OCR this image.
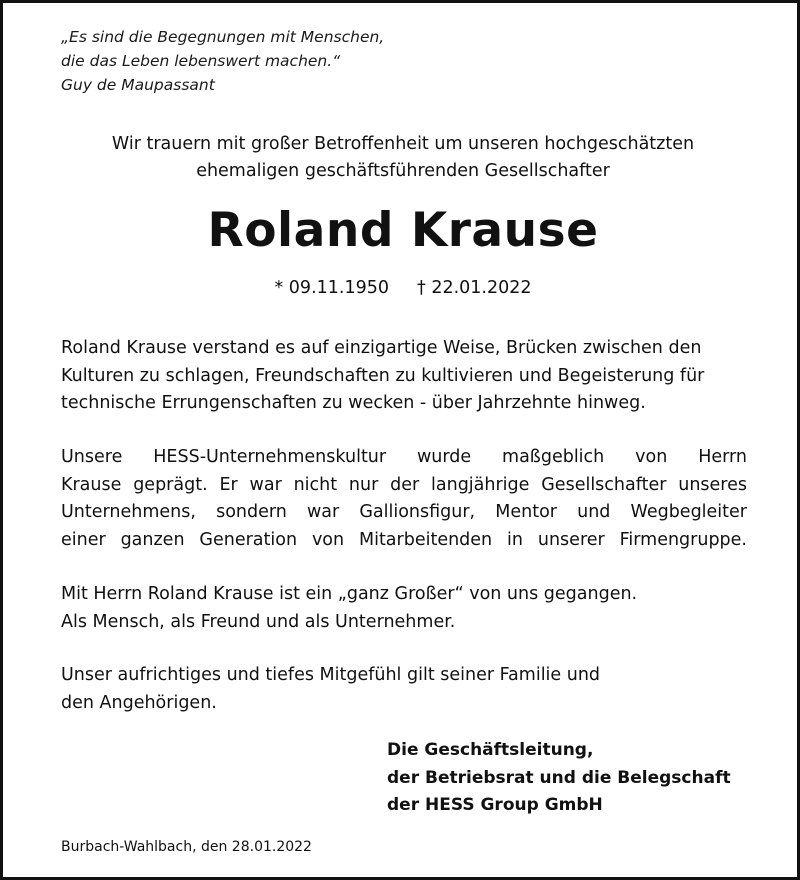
„Es sind die Begegnungen mit Menschen,
die das Leben lebenswert machen.“
Guy de Maupassant
Wir trauern mit großer Betroffenheit um unseren hochgeschätzten
ehemaligen geschäftsführenden Gesellschafter
Roland Krause
* 09.11.1950 † 22.01.2022
Roland Krause verstand es auf einzigartige Weise, Brücken zwischen den
Kulturen zu schlagen, Freundschaften zu kultivieren und Begeisterung für
technische Errungenschaften zu wecken - über Jahrzehnte hinweg.
Unsere HESS-Unternehmenskultur wurde maßgeblich von Herrn
Krause geprägt. Er war nicht nur der langjährige Gesellschafter unseres
Unternehmens, sondern war Gallionsfigur, Mentor und Wegbegleiter
einer ganzen Generation von Mitarbeitenden in unserer Firmengruppe.
Mit Herrn Roland Krause ist ein „ganz Großer“ von uns gegangen.
Als Mensch, als Freund und als Unternehmer.
Unser aufrichtiges und tiefes Mitgefühl gilt seiner Familie und
den Angehörigen.
Die Geschäftsleitung,
der Betriebsrat und die Belegschaft
der HESS Group GmbH
Burbach-Wahlbach, den 28.01.2022
